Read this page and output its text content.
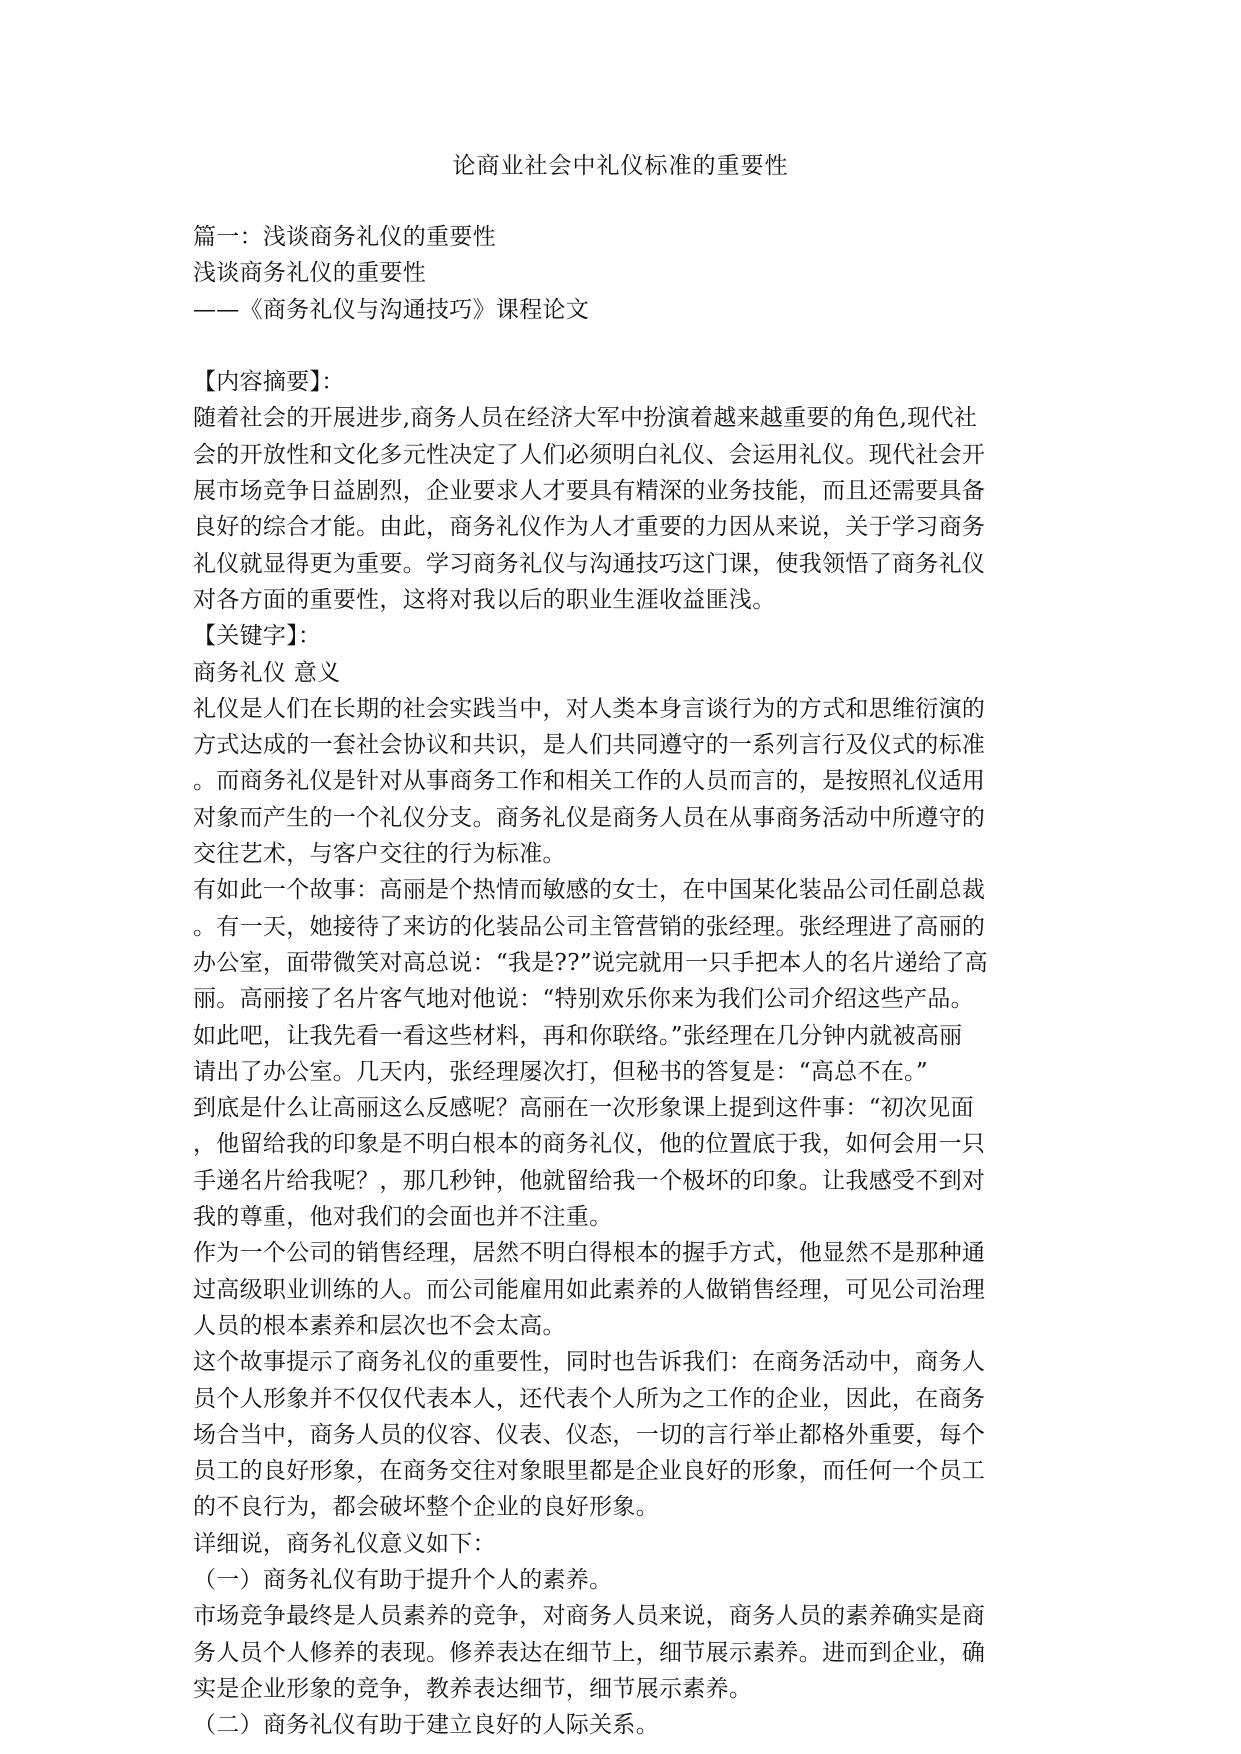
论商业社会中礼仪标准的重要性

篇一：浅谈商务礼仪的重要性

浅谈商务礼仪的重要性

——《商务礼仪与沟通技巧》课程论文

【内容摘要】：

随着社会的开展进步,商务人员在经济大军中扮演着越来越重要的角色,现代社

会的开放性和文化多元性决定了人们必须明白礼仪、会运用礼仪。现代社会开

展市场竞争日益剧烈，企业要求人才要具有精深的业务技能，而且还需要具备

良好的综合才能。由此，商务礼仪作为人才重要的力因从来说，关于学习商务

礼仪就显得更为重要。学习商务礼仪与沟通技巧这门课，使我领悟了商务礼仪

对各方面的重要性，这将对我以后的职业生涯收益匪浅。

【关键字】：

商务礼仪 意义

礼仪是人们在长期的社会实践当中，对人类本身言谈行为的方式和思维衍演的

方式达成的一套社会协议和共识，是人们共同遵守的一系列言行及仪式的标准

。而商务礼仪是针对从事商务工作和相关工作的人员而言的，是按照礼仪适用

对象而产生的一个礼仪分支。商务礼仪是商务人员在从事商务活动中所遵守的

交往艺术，与客户交往的行为标准。

有如此一个故事：高丽是个热情而敏感的女士，在中国某化装品公司任副总裁

。有一天，她接待了来访的化装品公司主管营销的张经理。张经理进了高丽的

办公室，面带微笑对高总说：“我是??”说完就用一只手把本人的名片递给了高

丽。高丽接了名片客气地对他说：“特别欢乐你来为我们公司介绍这些产品。

如此吧，让我先看一看这些材料，再和你联络。”张经理在几分钟内就被高丽

请出了办公室。几天内，张经理屡次打，但秘书的答复是：“高总不在。”

到底是什么让高丽这么反感呢？高丽在一次形象课上提到这件事：“初次见面

，他留给我的印象是不明白根本的商务礼仪，他的位置底于我，如何会用一只

手递名片给我呢？，那几秒钟，他就留给我一个极坏的印象。让我感受不到对

我的尊重，他对我们的会面也并不注重。

作为一个公司的销售经理，居然不明白得根本的握手方式，他显然不是那种通

过高级职业训练的人。而公司能雇用如此素养的人做销售经理，可见公司治理

人员的根本素养和层次也不会太高。

这个故事提示了商务礼仪的重要性，同时也告诉我们：在商务活动中，商务人

员个人形象并不仅仅代表本人，还代表个人所为之工作的企业，因此，在商务

场合当中，商务人员的仪容、仪表、仪态，一切的言行举止都格外重要，每个

员工的良好形象，在商务交往对象眼里都是企业良好的形象，而任何一个员工

的不良行为，都会破坏整个企业的良好形象。

详细说，商务礼仪意义如下：

（一）商务礼仪有助于提升个人的素养。

市场竞争最终是人员素养的竞争，对商务人员来说，商务人员的素养确实是商

务人员个人修养的表现。修养表达在细节上，细节展示素养。进而到企业，确

实是企业形象的竞争，教养表达细节，细节展示素养。

（二）商务礼仪有助于建立良好的人际关系。
